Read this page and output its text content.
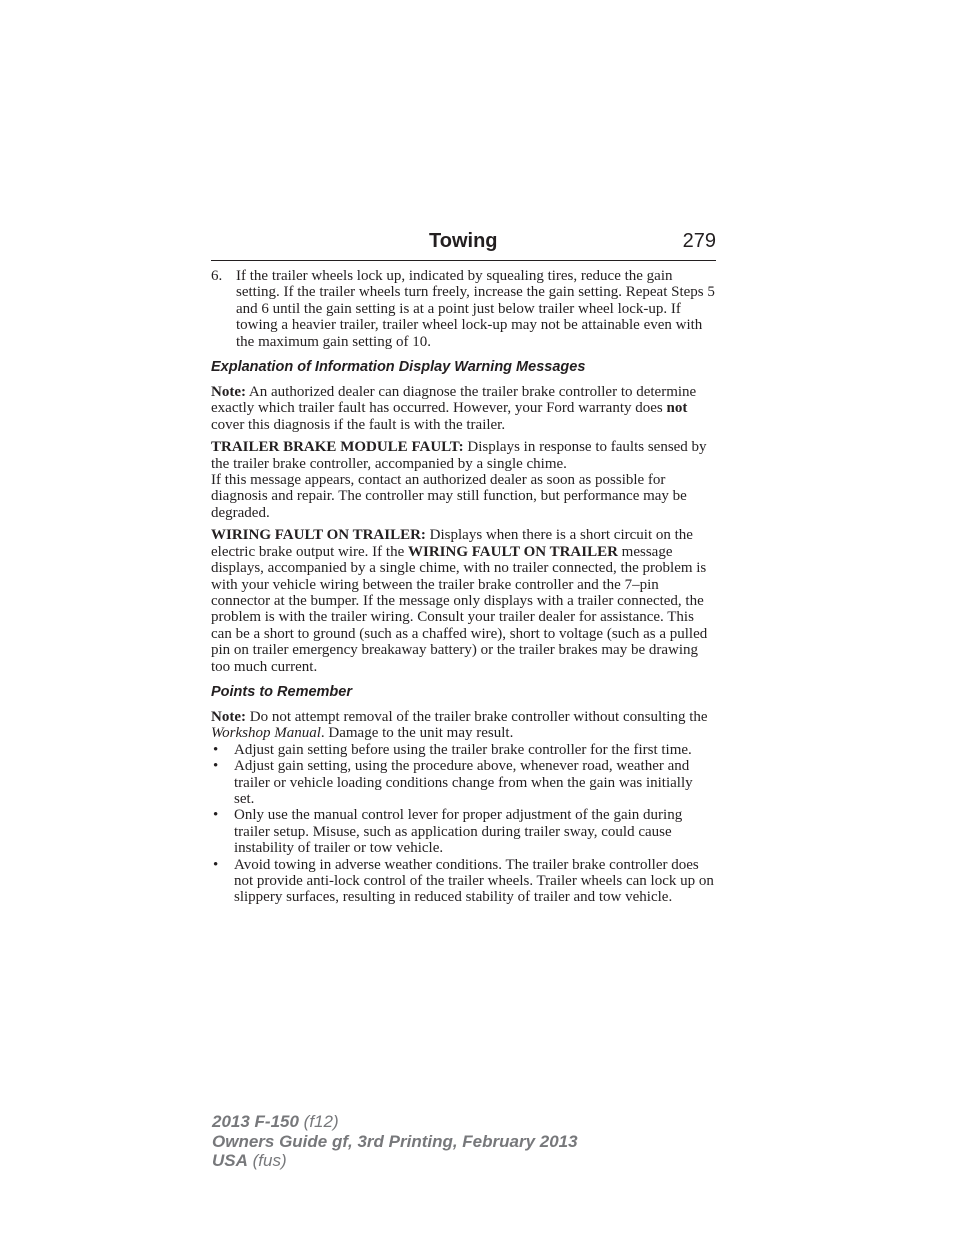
Towing	279
6. If the trailer wheels lock up, indicated by squealing tires, reduce the gain setting. If the trailer wheels turn freely, increase the gain setting. Repeat Steps 5 and 6 until the gain setting is at a point just below trailer wheel lock-up. If towing a heavier trailer, trailer wheel lock-up may not be attainable even with the maximum gain setting of 10.
Explanation of Information Display Warning Messages

Note: An authorized dealer can diagnose the trailer brake controller to determine exactly which trailer fault has occurred. However, your Ford warranty does not cover this diagnosis if the fault is with the trailer.

TRAILER BRAKE MODULE FAULT: Displays in response to faults sensed by the trailer brake controller, accompanied by a single chime.

If this message appears, contact an authorized dealer as soon as possible for diagnosis and repair. The controller may still function, but performance may be degraded.

WIRING FAULT ON TRAILER: Displays when there is a short circuit on the electric brake output wire. If the WIRING FAULT ON TRAILER message displays, accompanied by a single chime, with no trailer connected, the problem is with your vehicle wiring between the trailer brake controller and the 7–pin connector at the bumper. If the message only displays with a trailer connected, the problem is with the trailer wiring. Consult your trailer dealer for assistance. This can be a short to ground (such as a chaffed wire), short to voltage (such as a pulled pin on trailer emergency breakaway battery) or the trailer brakes may be drawing too much current.

Points to Remember

Note: Do not attempt removal of the trailer brake controller without consulting the Workshop Manual. Damage to the unit may result.

• Adjust gain setting before using the trailer brake controller for the first time.
• Adjust gain setting, using the procedure above, whenever road, weather and trailer or vehicle loading conditions change from when the gain was initially set.
• Only use the manual control lever for proper adjustment of the gain during trailer setup. Misuse, such as application during trailer sway, could cause instability of trailer or tow vehicle.
• Avoid towing in adverse weather conditions. The trailer brake controller does not provide anti-lock control of the trailer wheels. Trailer wheels can lock up on slippery surfaces, resulting in reduced stability of trailer and tow vehicle.
2013 F-150 (f12)
Owners Guide gf, 3rd Printing, February 2013
USA (fus)
